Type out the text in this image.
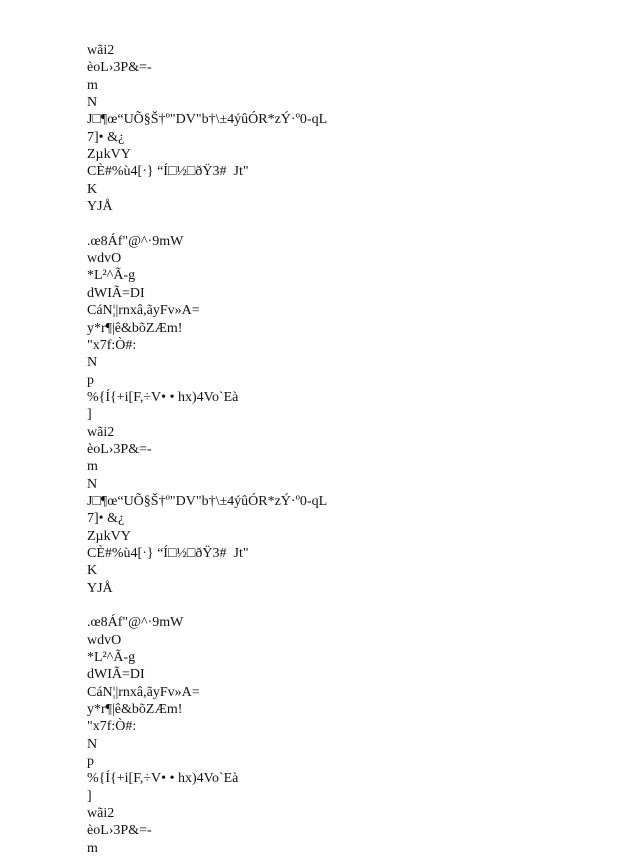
wãi2
èoL›3P&=-
m
N
J□¶œ“UÕ§Š†º"DV"b†\±4ýûÓR*zÝ·º0-qL
7]• &¿
ZµkVY
CÈ#%ù4[·} “Í□½□ðŸ3#  Jt"
K
YJÅ
.œ8Áf"@^·9mW
wdvO
*L²^Ã-g
dWIÃ=DI
CáN¦|rnxâ,ãyFv»A=
y*r¶|ê&bõZÆm!
"x7f:Ò#:
N
p
%{Í{+i[F,÷V• • hx)4Vo`Eà
]
wãi2
èoL›3P&=-
m
N
J□¶œ“UÕ§Š†º"DV"b†\±4ýûÓR*zÝ·º0-qL
7]• &¿
ZµkVY
CÈ#%ù4[·} “Í□½□ðŸ3#  Jt"
K
YJÅ
.œ8Áf"@^·9mW
wdvO
*L²^Ã-g
dWIÃ=DI
CáN¦|rnxâ,ãyFv»A=
y*r¶|ê&bõZÆm!
"x7f:Ò#:
N
p
%{Í{+i[F,÷V• • hx)4Vo`Eà
]
wãi2
èoL›3P&=-
m
